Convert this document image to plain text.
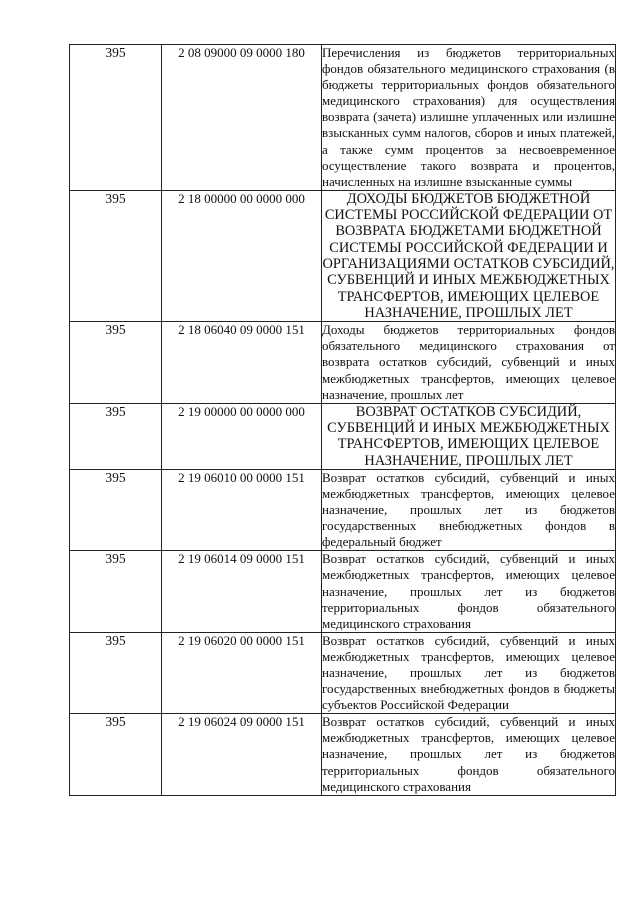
395	2 08 09000 09 0000 180	Перечисления из бюджетов территориальных фондов обязательного медицинского страхования (в бюджеты территориальных фондов обязательного медицинского страхования) для осуществления возврата (зачета) излишне уплаченных или излишне взысканных сумм налогов, сборов и иных платежей, а также сумм процентов за несвоевременное осуществление такого возврата и процентов, начисленных на излишне взысканные суммы
395	2 18 00000 00 0000 000	ДОХОДЫ БЮДЖЕТОВ БЮДЖЕТНОЙ СИСТЕМЫ РОССИЙСКОЙ ФЕДЕРАЦИИ ОТ ВОЗВРАТА БЮДЖЕТАМИ БЮДЖЕТНОЙ СИСТЕМЫ РОССИЙСКОЙ ФЕДЕРАЦИИ И ОРГАНИЗАЦИЯМИ ОСТАТКОВ СУБСИДИЙ, СУБВЕНЦИЙ И ИНЫХ МЕЖБЮДЖЕТНЫХ ТРАНСФЕРТОВ, ИМЕЮЩИХ ЦЕЛЕВОЕ НАЗНАЧЕНИЕ, ПРОШЛЫХ ЛЕТ
395	2 18 06040 09 0000 151	Доходы бюджетов территориальных фондов обязательного медицинского страхования от возврата остатков субсидий, субвенций и иных межбюджетных трансфертов, имеющих целевое назначение, прошлых лет
395	2 19 00000 00 0000 000	ВОЗВРАТ ОСТАТКОВ СУБСИДИЙ, СУБВЕНЦИЙ И ИНЫХ МЕЖБЮДЖЕТНЫХ ТРАНСФЕРТОВ, ИМЕЮЩИХ ЦЕЛЕВОЕ НАЗНАЧЕНИЕ, ПРОШЛЫХ ЛЕТ
395	2 19 06010 00 0000 151	Возврат остатков субсидий, субвенций и иных межбюджетных трансфертов, имеющих целевое назначение, прошлых лет из бюджетов государственных внебюджетных фондов в федеральный бюджет
395	2 19 06014 09 0000 151	Возврат остатков субсидий, субвенций и иных межбюджетных трансфертов, имеющих целевое назначение, прошлых лет из бюджетов территориальных фондов обязательного медицинского страхования
395	2 19 06020 00 0000 151	Возврат остатков субсидий, субвенций и иных межбюджетных трансфертов, имеющих целевое назначение, прошлых лет из бюджетов государственных внебюджетных фондов в бюджеты субъектов Российской Федерации
395	2 19 06024 09 0000 151	Возврат остатков субсидий, субвенций и иных межбюджетных трансфертов, имеющих целевое назначение, прошлых лет из бюджетов территориальных фондов обязательного медицинского страхования
